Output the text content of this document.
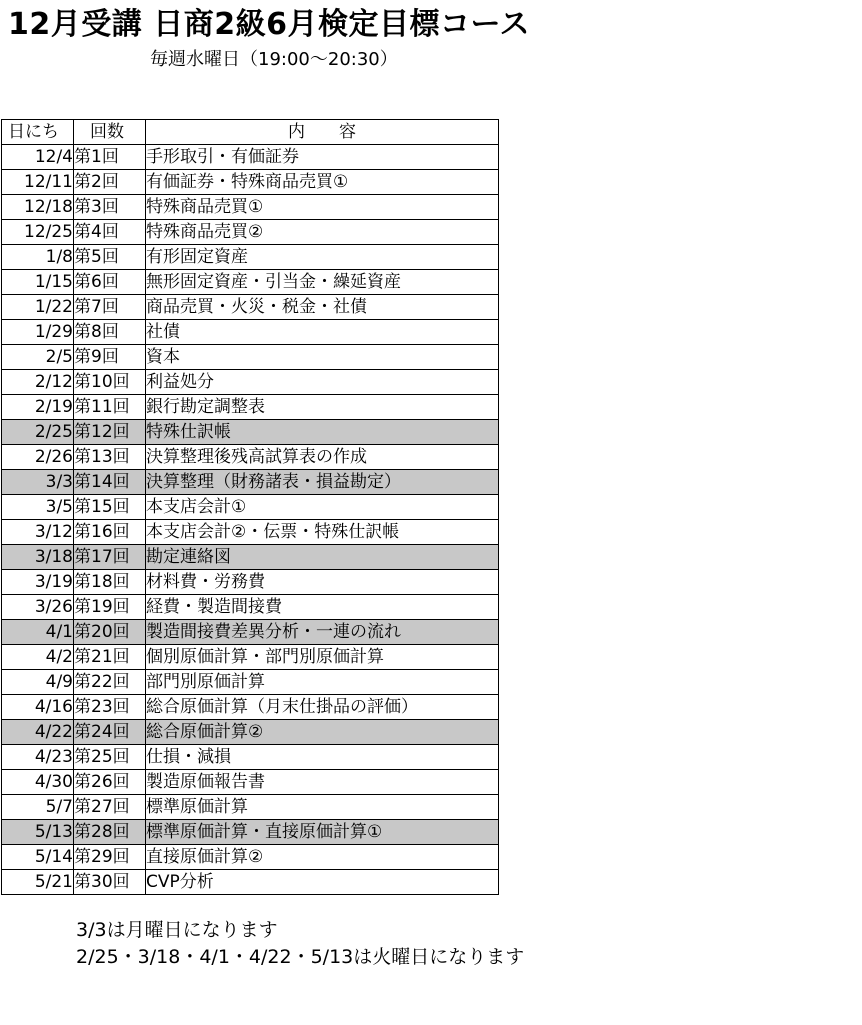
12月受講 日商2級6月検定目標コース
毎週水曜日（19:00～20:30）
日にち	回数	内　　容
12/4	第1回	手形取引・有価証券
12/11	第2回	有価証券・特殊商品売買①
12/18	第3回	特殊商品売買①
12/25	第4回	特殊商品売買②
1/8	第5回	有形固定資産
1/15	第6回	無形固定資産・引当金・繰延資産
1/22	第7回	商品売買・火災・税金・社債
1/29	第8回	社債
2/5	第9回	資本
2/12	第10回	利益処分
2/19	第11回	銀行勘定調整表
2/25	第12回	特殊仕訳帳
2/26	第13回	決算整理後残高試算表の作成
3/3	第14回	決算整理（財務諸表・損益勘定）
3/5	第15回	本支店会計①
3/12	第16回	本支店会計②・伝票・特殊仕訳帳
3/18	第17回	勘定連絡図
3/19	第18回	材料費・労務費
3/26	第19回	経費・製造間接費
4/1	第20回	製造間接費差異分析・一連の流れ
4/2	第21回	個別原価計算・部門別原価計算
4/9	第22回	部門別原価計算
4/16	第23回	総合原価計算（月末仕掛品の評価）
4/22	第24回	総合原価計算②
4/23	第25回	仕損・減損
4/30	第26回	製造原価報告書
5/7	第27回	標準原価計算
5/13	第28回	標準原価計算・直接原価計算①
5/14	第29回	直接原価計算②
5/21	第30回	CVP分析
3/3は月曜日になります
2/25・3/18・4/1・4/22・5/13は火曜日になります
